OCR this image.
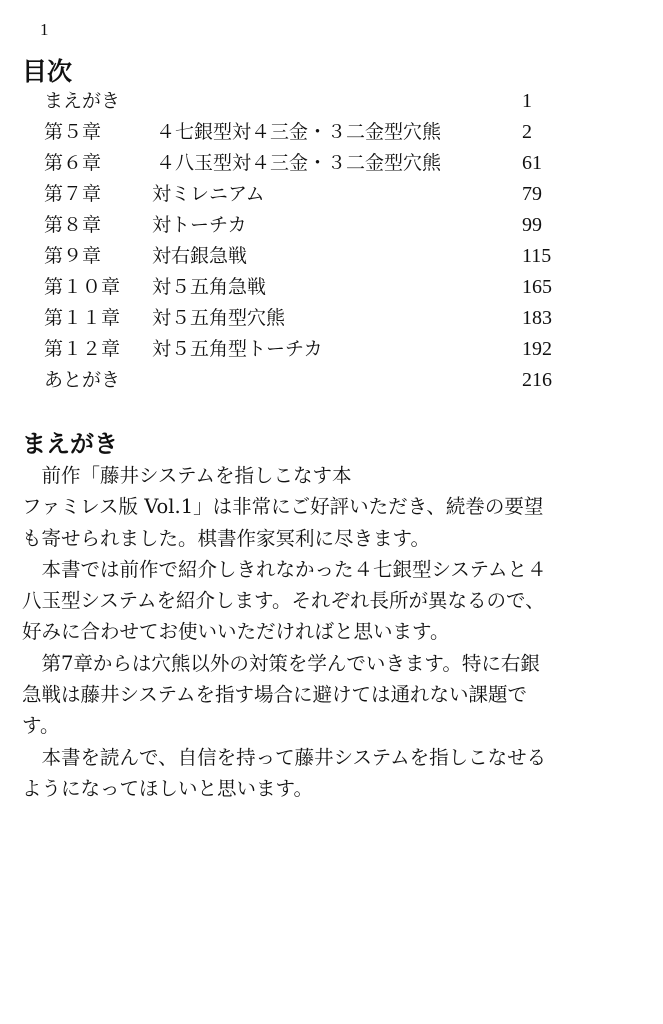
1
目次
まえがき	1
第５章	４七銀型対４三金・３二金型穴熊	2
第６章	４八玉型対４三金・３二金型穴熊	61
第７章	対ミレニアム	79
第８章	対トーチカ	99
第９章	対右銀急戦	115
第１０章 対５五角急戦	165
第１１章 対５五角型穴熊	183
第１２章 対５五角型トーチカ	192
あとがき	216
まえがき
　前作「藤井システムを指しこなす本
ファミレス版 Vol.1」は非常にご好評いただき、続巻の要望
も寄せられました。棋書作家冥利に尽きます。
　本書では前作で紹介しきれなかった４七銀型システムと４
八玉型システムを紹介します。それぞれ長所が異なるので、
好みに合わせてお使いいただければと思います。
　第7章からは穴熊以外の対策を学んでいきます。特に右銀
急戦は藤井システムを指す場合に避けては通れない課題で
す。
　本書を読んで、自信を持って藤井システムを指しこなせる
ようになってほしいと思います。
